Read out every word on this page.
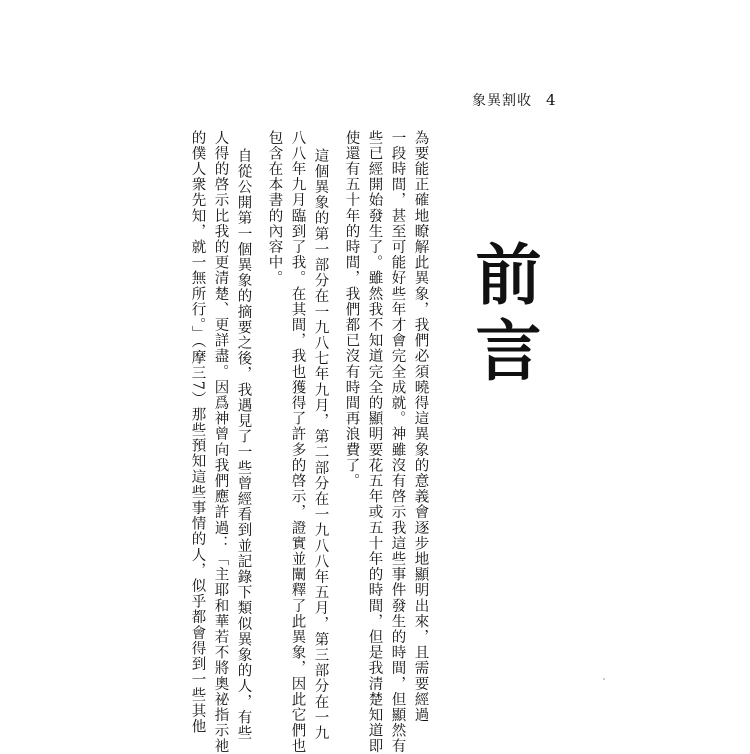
象異割收 4
前言
為要能正確地瞭解此異象，我們必須曉得這異象的意義會逐步地顯明出來，且需要經過
一段時間，甚至可能好些年才會完全成就。神雖沒有啓示我這些事件發生的時間，但顯然有
些已經開始發生了。雖然我不知道完全的顯明要花五年或五十年的時間，但是我清楚知道即
使還有五十年的時間，我們都已沒有時間再浪費了。
這個異象的第一部分在一九八七年九月，第二部分在一九八八年五月，第三部分在一九
八八年九月臨到了我。在其間，我也獲得了許多的啓示，證實並闡釋了此異象，因此它們也
包含在本書的內容中。
自從公開第一個異象的摘要之後，我遇見了一些曾經看到並記錄下類似異象的人，有些
人得的啓示比我的更清楚、更詳盡。因爲神曾向我們應許過：「主耶和華若不將奧祕指示祂
的僕人衆先知，就一無所行。」（摩三7）那些預知這些事情的人，似乎都會得到一些其他
